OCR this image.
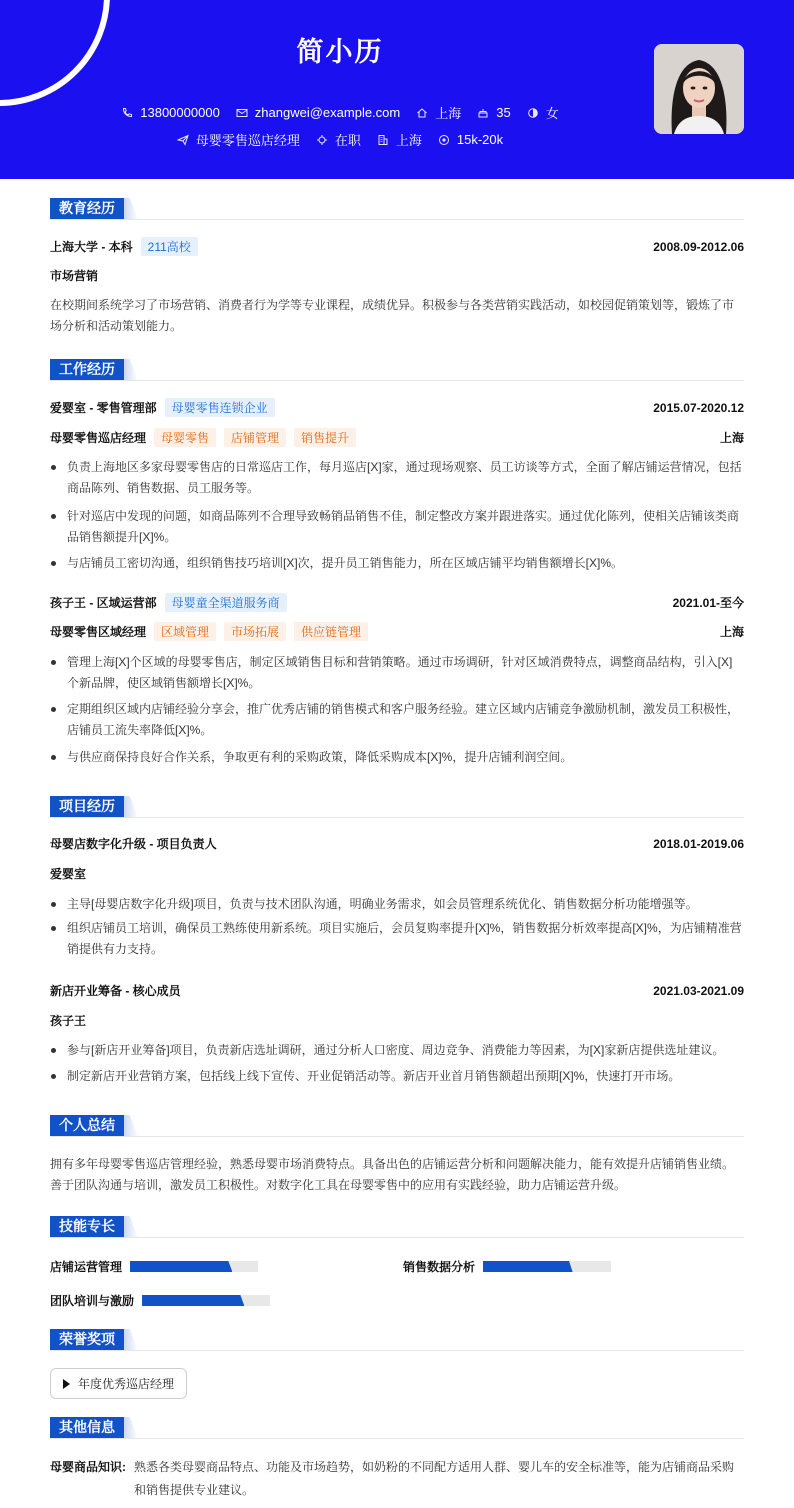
简小历
13800000000	zhangwei@example.com	上海	35	女
母婴零售巡店经理	在职	上海	15k-20k
教育经历
上海大学 - 本科	211高校	2008.09-2012.06
市场营销
在校期间系统学习了市场营销、消费者行为学等专业课程，成绩优异。积极参与各类营销实践活动，如校园促销策划等，锻炼了市场分析和活动策划能力。
工作经历
爱婴室 - 零售管理部	母婴零售连锁企业	2015.07-2020.12
母婴零售巡店经理	母婴零售	店铺管理	销售提升	上海
负责上海地区多家母婴零售店的日常巡店工作，每月巡店[X]家，通过现场观察、员工访谈等方式，全面了解店铺运营情况，包括商品陈列、销售数据、员工服务等。
针对巡店中发现的问题，如商品陈列不合理导致畅销品销售不佳，制定整改方案并跟进落实。通过优化陈列，使相关店铺该类商品销售额提升[X]%。
与店铺员工密切沟通，组织销售技巧培训[X]次，提升员工销售能力，所在区域店铺平均销售额增长[X]%。
孩子王 - 区域运营部	母婴童全渠道服务商	2021.01-至今
母婴零售区域经理	区域管理	市场拓展	供应链管理	上海
管理上海[X]个区域的母婴零售店，制定区域销售目标和营销策略。通过市场调研，针对区域消费特点，调整商品结构，引入[X]个新品牌，使区域销售额增长[X]%。
定期组织区域内店铺经验分享会，推广优秀店铺的销售模式和客户服务经验。建立区域内店铺竞争激励机制，激发员工积极性，店铺员工流失率降低[X]%。
与供应商保持良好合作关系，争取更有利的采购政策，降低采购成本[X]%，提升店铺利润空间。
项目经历
母婴店数字化升级 - 项目负责人	2018.01-2019.06
爱婴室
主导[母婴店数字化升级]项目，负责与技术团队沟通，明确业务需求，如会员管理系统优化、销售数据分析功能增强等。
组织店铺员工培训，确保员工熟练使用新系统。项目实施后，会员复购率提升[X]%，销售数据分析效率提高[X]%，为店铺精准营销提供有力支持。
新店开业筹备 - 核心成员	2021.03-2021.09
孩子王
参与[新店开业筹备]项目，负责新店选址调研，通过分析人口密度、周边竞争、消费能力等因素，为[X]家新店提供选址建议。
制定新店开业营销方案，包括线上线下宣传、开业促销活动等。新店开业首月销售额超出预期[X]%，快速打开市场。
个人总结
拥有多年母婴零售巡店管理经验，熟悉母婴市场消费特点。具备出色的店铺运营分析和问题解决能力，能有效提升店铺销售业绩。善于团队沟通与培训，激发员工积极性。对数字化工具在母婴零售中的应用有实践经验，助力店铺运营升级。
技能专长
店铺运营管理	销售数据分析
团队培训与激励
荣誉奖项
年度优秀巡店经理
其他信息
母婴商品知识: 熟悉各类母婴商品特点、功能及市场趋势，如奶粉的不同配方适用人群、婴儿车的安全标准等，能为店铺商品采购和销售提供专业建议。
